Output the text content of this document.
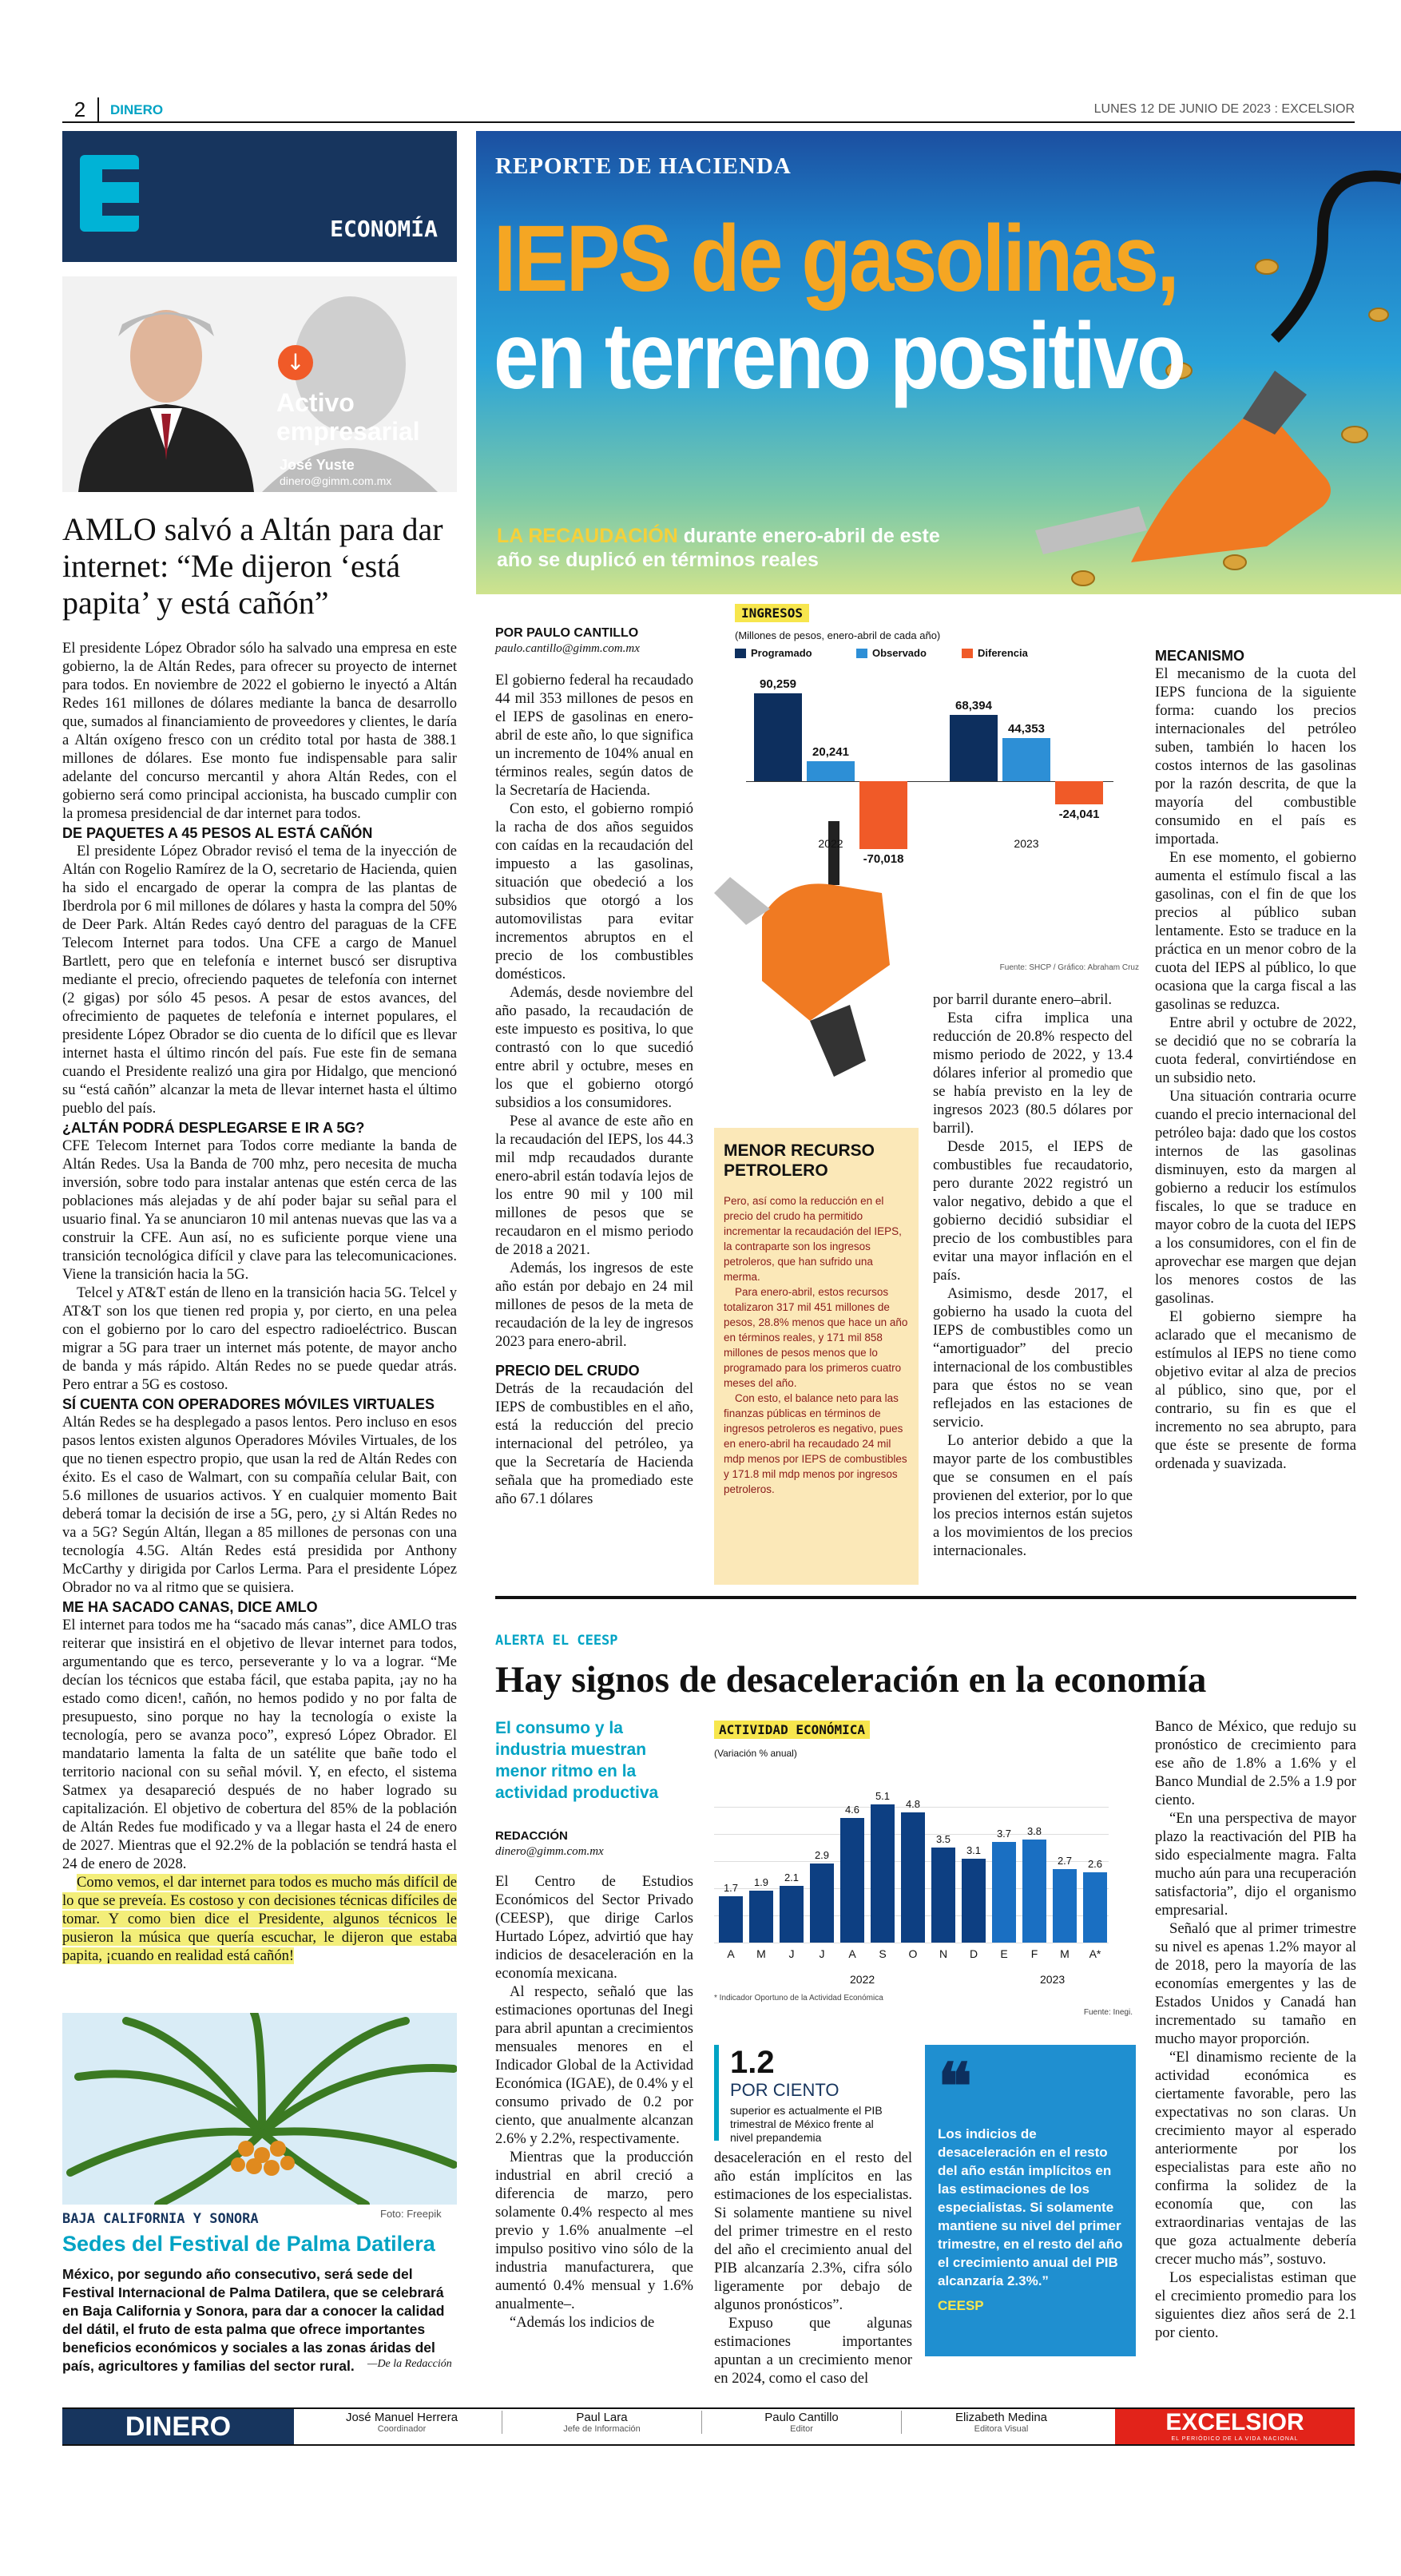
2	DINERO	LUNES 12 DE JUNIO DE 2023 : EXCELSIOR
ECONOMÍA
↓
Activo empresarial
José Yuste
dinero@gimm.com.mx
AMLO salvó a Altán para dar internet: “Me dijeron ‘está papita’ y está cañón”

El presidente López Obrador sólo ha salvado una empresa en este gobierno, la de Altán Redes, para ofrecer su proyecto de internet para todos. En noviembre de 2022 el gobierno le inyectó a Altán Redes 161 millones de dólares mediante la banca de desarrollo que, sumados al financiamiento de proveedores y clientes, le daría a Altán oxígeno fresco con un crédito total por hasta de 388.1 millones de dólares. Ese monto fue indispensable para salir adelante del concurso mercantil y ahora Altán Redes, con el gobierno será como principal accionista, ha buscado cumplir con la promesa presidencial de dar internet para todos.

DE PAQUETES A 45 PESOS AL ESTÁ CAÑÓN

El presidente López Obrador revisó el tema de la inyección de Altán con Rogelio Ramírez de la O, secretario de Hacienda, quien ha sido el encargado de operar la compra de las plantas de Iberdrola por 6 mil millones de dólares y hasta la compra del 50% de Deer Park. Altán Redes cayó dentro del paraguas de la CFE Telecom Internet para todos. Una CFE a cargo de Manuel Bartlett, pero que en telefonía e internet buscó ser disruptiva mediante el precio, ofreciendo paquetes de telefonía con internet (2 gigas) por sólo 45 pesos. A pesar de estos avances, del ofrecimiento de paquetes de telefonía e internet populares, el presidente López Obrador se dio cuenta de lo difícil que es llevar internet hasta el último rincón del país. Fue este fin de semana cuando el Presidente realizó una gira por Hidalgo, que mencionó su “está cañón” alcanzar la meta de llevar internet hasta el último pueblo del país.

¿ALTÁN PODRÁ DESPLEGARSE E IR A 5G?

CFE Telecom Internet para Todos corre mediante la banda de Altán Redes. Usa la Banda de 700 mhz, pero necesita de mucha inversión, sobre todo para instalar antenas que estén cerca de las poblaciones más alejadas y de ahí poder bajar su señal para el usuario final. Ya se anunciaron 10 mil antenas nuevas que las va a construir la CFE. Aun así, no es suficiente porque viene una transición tecnológica difícil y clave para las telecomunicaciones. Viene la transición hacia la 5G.

Telcel y AT&T están de lleno en la transición hacia 5G. Telcel y AT&T son los que tienen red propia y, por cierto, en una pelea con el gobierno por lo caro del espectro radioeléctrico. Buscan migrar a 5G para traer un internet más potente, de mayor ancho de banda y más rápido. Altán Redes no se puede quedar atrás. Pero entrar a 5G es costoso.

SÍ CUENTA CON OPERADORES MÓVILES VIRTUALES

Altán Redes se ha desplegado a pasos lentos. Pero incluso en esos pasos lentos existen algunos Operadores Móviles Virtuales, de los que no tienen espectro propio, que usan la red de Altán Redes con éxito. Es el caso de Walmart, con su compañía celular Bait, con 5.6 millones de usuarios activos. Y en cualquier momento Bait deberá tomar la decisión de irse a 5G, pero, ¿y si Altán Redes no va a 5G? Según Altán, llegan a 85 millones de personas con una tecnología 4.5G. Altán Redes está presidida por Anthony McCarthy y dirigida por Carlos Lerma. Para el presidente López Obrador no va al ritmo que se quisiera.

ME HA SACADO CANAS, DICE AMLO

El internet para todos me ha “sacado más canas”, dice AMLO tras reiterar que insistirá en el objetivo de llevar internet para todos, argumentando que es terco, perseverante y lo va a lograr. “Me decían los técnicos que estaba fácil, que estaba papita, ¡ay no ha estado como dicen!, cañón, no hemos podido y no por falta de presupuesto, sino porque no hay la tecnología o existe la tecnología, pero se avanza poco”, expresó López Obrador. El mandatario lamenta la falta de un satélite que bañe todo el territorio nacional con su señal móvil. Y, en efecto, el sistema Satmex ya desapareció después de no haber logrado su capitalización. El objetivo de cobertura del 85% de la población de Altán Redes fue modificado y va a llegar hasta el 24 de enero de 2027. Mientras que el 92.2% de la población se tendrá hasta el 24 de enero de 2028.

Como vemos, el dar internet para todos es mucho más difícil de lo que se preveía. Es costoso y con decisiones técnicas difíciles de tomar. Y como bien dice el Presidente, algunos técnicos le pusieron la música que quería escuchar, le dijeron que estaba papita, ¡cuando en realidad está cañón!

Foto: Freepik
BAJA CALIFORNIA Y SONORA
Sedes del Festival de Palma Datilera
México, por segundo año consecutivo, será sede del Festival Internacional de Palma Datilera, que se celebrará en Baja California y Sonora, para dar a conocer la calidad del dátil, el fruto de esta palma que ofrece importantes beneficios económicos y sociales a las zonas áridas del país, agricultores y familias del sector rural.	—De la Redacción
REPORTE DE HACIENDA
IEPS de gasolinas,
en terreno positivo
LA RECAUDACIÓN durante enero-abril de este año se duplicó en términos reales
POR PAULO CANTILLO
paulo.cantillo@gimm.com.mx

El gobierno federal ha recaudado 44 mil 353 millones de pesos en el IEPS de gasolinas en enero-abril de este año, lo que significa un incremento de 104% anual en términos reales, según datos de la Secretaría de Hacienda.

Con esto, el gobierno rompió la racha de dos años seguidos con caídas en la recaudación del impuesto a las gasolinas, situación que obedeció a los subsidios que otorgó a los automovilistas para evitar incrementos abruptos en el precio de los combustibles domésticos.

Además, desde noviembre del año pasado, la recaudación de este impuesto es positiva, lo que contrastó con lo que sucedió entre abril y octubre, meses en los que el gobierno otorgó subsidios a los consumidores.

Pese al avance de este año en la recaudación del IEPS, los 44.3 mil mdp recaudados durante enero-abril están todavía lejos de los entre 90 mil y 100 mil millones de pesos que se recaudaron en el mismo periodo de 2018 a 2021.

Además, los ingresos de este año están por debajo en 24 mil millones de pesos de la meta de recaudación de la ley de ingresos 2023 para enero-abril.

PRECIO DEL CRUDO

Detrás de la recaudación del IEPS de combustibles en el año, está la reducción del precio internacional del petróleo, ya que la Secretaría de Hacienda señala que ha promediado este año 67.1 dólares

INGRESOS
(Millones de pesos, enero-abril de cada año)
Programado	Observado	Diferencia
90,259
20,241
-70,018
2022
68,394
44,353
-24,041
2023
Fuente: SHCP / Gráfico: Abraham Cruz

por barril durante enero–abril.

Esta cifra implica una reducción de 20.8% respecto del mismo periodo de 2022, y 13.4 dólares inferior al promedio que se había previsto en la ley de ingresos 2023 (80.5 dólares por barril).

Desde 2015, el IEPS de combustibles fue recaudatorio, pero durante 2022 registró un valor negativo, debido a que el gobierno decidió subsidiar el precio de los combustibles para evitar una mayor inflación en el país.

Asimismo, desde 2017, el gobierno ha usado la cuota del IEPS de combustibles como un “amortiguador” del precio internacional de los combustibles para que éstos no se vean reflejados en las estaciones de servicio.

Lo anterior debido a que la mayor parte de los combustibles que se consumen en el país provienen del exterior, por lo que los precios internos están sujetos a los movimientos de los precios internacionales.

MENOR RECURSO PETROLERO
Pero, así como la reducción en el precio del crudo ha permitido incrementar la recaudación del IEPS, la contraparte son los ingresos petroleros, que han sufrido una merma.
Para enero-abril, estos recursos totalizaron 317 mil 451 millones de pesos, 28.8% menos que hace un año en términos reales, y 171 mil 858 millones de pesos menos que lo programado para los primeros cuatro meses del año.
Con esto, el balance neto para las finanzas públicas en términos de ingresos petroleros es negativo, pues en enero-abril ha recaudado 24 mil mdp menos por IEPS de combustibles y 171.8 mil mdp menos por ingresos petroleros.
MECANISMO

El mecanismo de la cuota del IEPS funciona de la siguiente forma: cuando los precios internacionales del petróleo suben, también lo hacen los costos internos de las gasolinas por la razón descrita, de que la mayoría del combustible consumido en el país es importada.

En ese momento, el gobierno aumenta el estímulo fiscal a las gasolinas, con el fin de que los precios al público suban lentamente. Esto se traduce en la práctica en un menor cobro de la cuota del IEPS al público, lo que ocasiona que la carga fiscal a las gasolinas se reduzca.

Entre abril y octubre de 2022, se decidió que no se cobraría la cuota federal, convirtiéndose en un subsidio neto.

Una situación contraria ocurre cuando el precio internacional del petróleo baja: dado que los costos internos de las gasolinas disminuyen, esto da margen al gobierno a reducir los estímulos fiscales, lo que se traduce en mayor cobro de la cuota del IEPS a los consumidores, con el fin de aprovechar ese margen que dejan los menores costos de las gasolinas.

El gobierno siempre ha aclarado que el mecanismo de estímulos al IEPS no tiene como objetivo evitar al alza de precios al público, sino que, por el contrario, su fin es que el incremento no sea abrupto, para que éste se presente de forma ordenada y suavizada.

ALERTA EL CEESP
Hay signos de desaceleración en la economía
El consumo y la industria muestran menor ritmo en la actividad productiva
REDACCIÓN
dinero@gimm.com.mx

El Centro de Estudios Económicos del Sector Privado (CEESP), que dirige Carlos Hurtado López, advirtió que hay indicios de desaceleración en la economía mexicana.

Al respecto, señaló que las estimaciones oportunas del Inegi para abril apuntan a crecimientos mensuales menores en el Indicador Global de la Actividad Económica (IGAE), de 0.4% y el consumo privado de 0.2 por ciento, que anualmente alcanzan 2.6% y 2.2%, respectivamente.

Mientras que la producción industrial en abril creció a diferencia de marzo, pero solamente 0.4% respecto al mes previo y 1.6% anualmente –el impulso positivo vino sólo de la industria manufacturera, que aumentó 0.4% mensual y 1.6% anualmente–.

“Además los indicios de

ACTIVIDAD ECONÓMICA
(Variación % anual)
1.7
A
1.9
M
2.1
J
2.9
J
4.6
A
5.1
S
4.8
O
3.5
N
3.1
D
3.7
E
3.8
F
2.7
M
2.6
A*
2022	2023
* Indicador Oportuno de la Actividad Económica
Fuente: Inegi.
1.2
POR CIENTO
superior es actualmente el PIB trimestral de México frente al nivel prepandemia

desaceleración en el resto del año están implícitos en las estimaciones de los especialistas. Si solamente mantiene su nivel del primer trimestre en el resto del año el crecimiento anual del PIB alcanzaría 2.3%, cifra sólo ligeramente por debajo de algunos pronósticos”.

Expuso que algunas estimaciones importantes apuntan a un crecimiento menor en 2024, como el caso del

❝
Los indicios de desaceleración en el resto del año están implícitos en las estimaciones de los especialistas. Si solamente mantiene su nivel del primer trimestre, en el resto del año el crecimiento anual del PIB alcanzaría 2.3%.”
CEESP

Banco de México, que redujo su pronóstico de crecimiento para ese año de 1.8% a 1.6% y el Banco Mundial de 2.5% a 1.9 por ciento.

“En una perspectiva de mayor plazo la reactivación del PIB ha sido especialmente magra. Falta mucho aún para una recuperación satisfactoria”, dijo el organismo empresarial.

Señaló que al primer trimestre su nivel es apenas 1.2% mayor al de 2018, pero la mayoría de las economías emergentes y las de Estados Unidos y Canadá han incrementado su tamaño en mucho mayor proporción.

“El dinamismo reciente de la actividad económica es ciertamente favorable, pero las expectativas no son claras. Un crecimiento mayor al esperado anteriormente por los especialistas para este año no confirma la solidez de la economía que, con las extraordinarias ventajas de las que goza actualmente debería crecer mucho más”, sostuvo.

Los especialistas estiman que el crecimiento promedio para los siguientes diez años será de 2.1 por ciento.

DINERO	José Manuel Herrera
Coordinador
Paul Lara
Jefe de Información
Paulo Cantillo
Editor
Elizabeth Medina
Editora Visual	EXCELSIOR
EL PERIÓDICO DE LA VIDA NACIONAL
